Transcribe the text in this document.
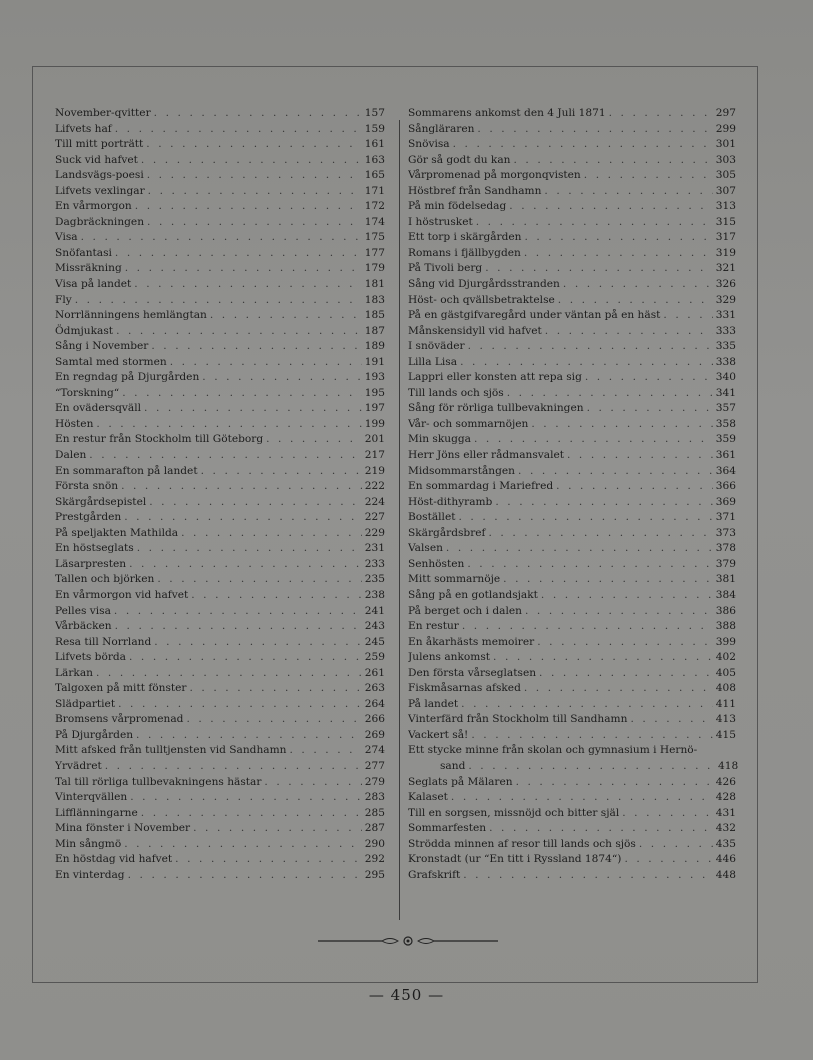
November-qvitter . . .	157
Lifvets haf . . .	159
Till mitt porträtt . . .	161
Suck vid hafvet . . .	163
Landsvägs-poesi . . .	165
Lifvets vexlingar . . .	171
En vårmorgon . . .	172
Dagbräckningen . . .	174
Visa . . .	175
Snöfantasi . . .	177
Missräkning . . .	179
Visa på landet . . .	181
Fly . . .	183
Norrlänningens hemlängtan . . .	185
Ödmjukast . . .	187
Sång i November . . .	189
Samtal med stormen . . .	191
En regndag på Djurgården . . .	193
“Torskning“ . . .	195
En ovädersqväll . . .	197
Hösten . . .	199
En restur från Stockholm till Göteborg . . .	201
Dalen . . .	217
En sommarafton på landet . . .	219
Första snön . . .	222
Skärgårdsepistel . . .	224
Prestgården . . .	227
På speljakten Mathilda . . .	229
En höstseglats . . .	231
Läsarpresten . . .	233
Tallen och björken . . .	235
En vårmorgon vid hafvet . . .	238
Pelles visa . . .	241
Vårbäcken . . .	243
Resa till Norrland . . .	245
Lifvets börda . . .	259
Lärkan . . .	261
Talgoxen på mitt fönster . . .	263
Slädpartiet . . .	264
Bromsens vårpromenad . . .	266
På Djurgården . . .	269
Mitt afsked från tulltjensten vid Sandhamn . . .	274
Yrvädret . . .	277
Tal till rörliga tullbevakningens hästar . . .	279
Vinterqvällen . . .	283
Lifflänningarne . . .	285
Mina fönster i November . . .	287
Min sångmö . . .	290
En höstdag vid hafvet . . .	292
En vinterdag . . .	295
Sommarens ankomst den 4 Juli 1871 . . .	297
Sångläraren . . .	299
Snövisa . . .	301
Gör så godt du kan . . .	303
Vårpromenad på morgonqvisten . . .	305
Höstbref från Sandhamn . . .	307
På min födelsedag . . .	313
I höstrusket . . .	315
Ett torp i skärgården . . .	317
Romans i fjällbygden . . .	319
På Tivoli berg . . .	321
Sång vid Djurgårdsstranden . . .	326
Höst- och qvällsbetraktelse . . .	329
På en gästgifvaregård under väntan på en häst . . .	331
Månskensidyll vid hafvet . . .	333
I snöväder . . .	335
Lilla Lisa . . .	338
Lappri eller konsten att repa sig . . .	340
Till lands och sjös . . .	341
Sång för rörliga tullbevakningen . . .	357
Vår- och sommarnöjen . . .	358
Min skugga . . .	359
Herr Jöns eller rådmansvalet . . .	361
Midsommarstången . . .	364
En sommardag i Mariefred . . .	366
Höst-dithyramb . . .	369
Bostället . . .	371
Skärgårdsbref . . .	373
Valsen . . .	378
Senhösten . . .	379
Mitt sommarnöje . . .	381
Sång på en gotlandsjakt . . .	384
På berget och i dalen . . .	386
En restur . . .	388
En åkarhästs memoirer . . .	399
Julens ankomst . . .	402
Den första vårseglatsen . . .	405
Fiskmåsarnas afsked . . .	408
På landet . . .	411
Vinterfärd från Stockholm till Sandhamn . . .	413
Vackert så! . . .	415
Ett stycke minne från skolan och gymnasium i Hernö-
sand . . .	418
Seglats på Mälaren . . .	426
Kalaset . . .	428
Till en sorgsen, missnöjd och bitter själ . . .	431
Sommarfesten . . .	432
Strödda minnen af resor till lands och sjös . . .	435
Kronstadt (ur “En titt i Ryssland 1874“) . . .	446
Grafskrift . . .	448
— 450 —
